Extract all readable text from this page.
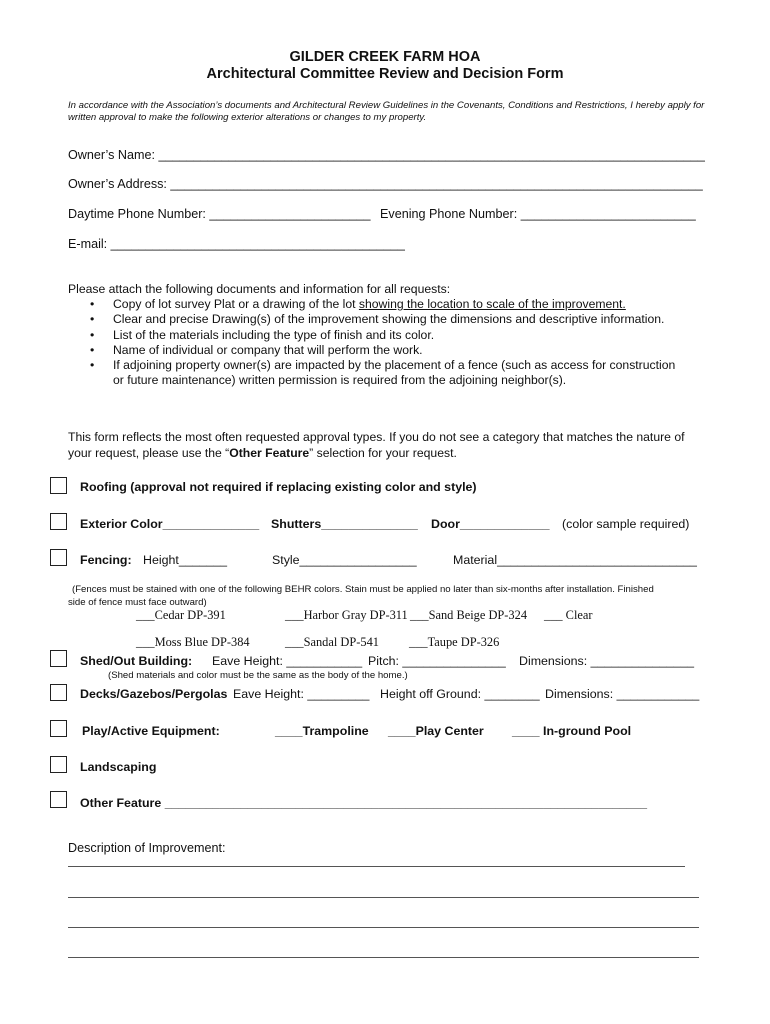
GILDER CREEK FARM HOA
Architectural Committee Review and Decision Form
In accordance with the Association’s documents and Architectural Review Guidelines in the Covenants, Conditions and Restrictions, I hereby apply for written approval to make the following exterior alterations or changes to my property.
Owner’s Name: ______________________________________________________________________________
Owner’s Address: ____________________________________________________________________________
Daytime Phone Number: _______________________ Evening Phone Number: _________________________
E-mail: __________________________________________
Please attach the following documents and information for all requests:
• Copy of lot survey Plat or a drawing of the lot showing the location to scale of the improvement.
• Clear and precise Drawing(s) of the improvement showing the dimensions and descriptive information.
• List of the materials including the type of finish and its color.
• Name of individual or company that will perform the work.
• If adjoining property owner(s) are impacted by the placement of a fence (such as access for construction
or future maintenance) written permission is required from the adjoining neighbor(s).
This form reflects the most often requested approval types. If you do not see a category that matches the nature of your request, please use the “Other Feature” selection for your request.
Roofing (approval not required if replacing existing color and style)
Exterior Color______________ Shutters______________ Door_____________ (color sample required)
Fencing: Height_______	Style_________________	Material_____________________________
(Fences must be stained with one of the following BEHR colors. Stain must be applied no later than six-months after installation. Finished
side of fence must face outward)
___Cedar DP-391	___Harbor Gray DP-311 ___Sand Beige DP-324 ___ Clear
___Moss Blue DP-384	___Sandal DP-541 ___Taupe DP-326
Shed/Out Building: Eave Height: ___________ Pitch: _______________ Dimensions: _______________
(Shed materials and color must be the same as the body of the home.)
Decks/Gazebos/Pergolas Eave Height: _________ Height off Ground: ________ Dimensions: ____________
Play/Active Equipment:	____Trampoline ____Play Center ____ In-ground Pool
Landscaping
Other Feature ______________________________________________________________________
Description of Improvement:
